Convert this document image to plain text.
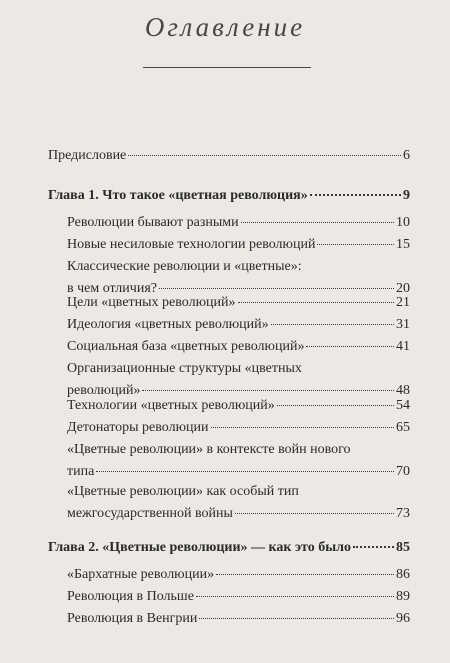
Оглавление
Предисловие	6
Глава 1. Что такое «цветная революция»	9
Революции бывают разными	10
Новые несиловые технологии революций	15
Классические революции и «цветные»:
в чем отличия?	20
Цели «цветных революций»	21
Идеология «цветных революций»	31
Социальная база «цветных революций»	41
Организационные структуры «цветных
революций»	48
Технологии «цветных революций»	54
Детонаторы революции	65
«Цветные революции» в контексте войн нового
типа	70
«Цветные революции» как особый тип
межгосударственной войны	73
Глава 2. «Цветные революции» — как это было	85
«Бархатные революции»	86
Революция в Польше	89
Революция в Венгрии	96
